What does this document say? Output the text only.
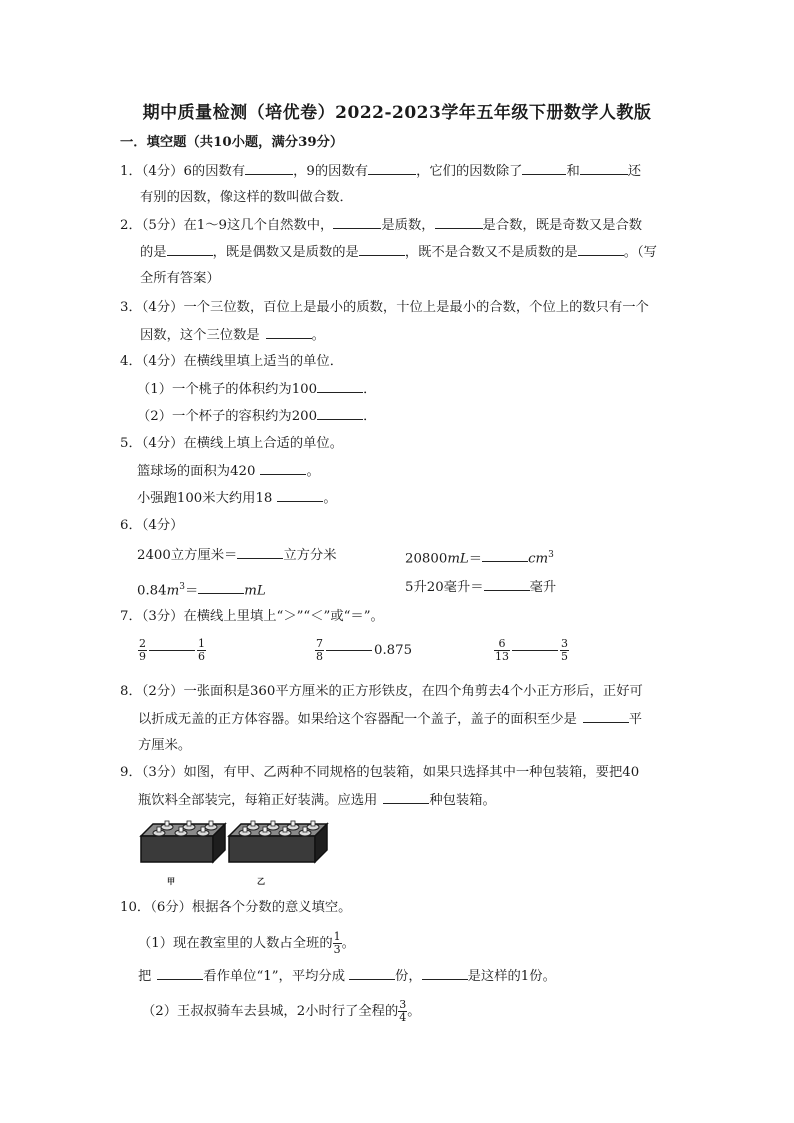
期中质量检测（培优卷）2022-2023学年五年级下册数学人教版
一．填空题（共10小题，满分39分）
1．（4分）6的因数有	，9的因数有	，它们的因数除了	和	还
有别的因数，像这样的数叫做合数．
2．（5分）在1～9这几个自然数中，	是质数，	是合数，既是奇数又是合数
的是	，既是偶数又是质数的是	，既不是合数又不是质数的是	。（写
全所有答案）
3．（4分）一个三位数，百位上是最小的质数，十位上是最小的合数，个位上的数只有一个
因数，这个三位数是	。
4．（4分）在横线里填上适当的单位．
（1）一个桃子的体积约为100	．
（2）一个杯子的容积约为200	．
5．（4分）在横线上填上合适的单位。
篮球场的面积为420	。
小强跑100米大约用18	。
6．（4分）
2400立方厘米＝	立方分米	20800mL＝	$cm^3$
$0.84m^3=$	mL	5升20毫升＝	毫升
7．（3分）在横线上里填上“＞”“＜”或“＝”。
$\frac{2}{9}$	$\frac{1}{6}$	$\frac{7}{8}$	0.875	$\frac{6}{13}$	$\frac{3}{5}$
8．（2分）一张面积是360平方厘米的正方形铁皮，在四个角剪去4个小正方形后，正好可
以折成无盖的正方体容器。如果给这个容器配一个盖子，盖子的面积至少是	平
方厘米。
9．（3分）如图，有甲、乙两种不同规格的包装箱，如果只选择其中一种包装箱，要把40
瓶饮料全部装完，每箱正好装满。应选用	种包装箱。
甲	乙
10．（6分）根据各个分数的意义填空。
（1）现在教室里的人数占全班的 $\frac{1}{3}$ 。
把	看作单位“1”，平均分成	份，	是这样的1份。
（2）王叔叔骑车去县城，2小时行了全程的 $\frac{3}{4}$ 。
